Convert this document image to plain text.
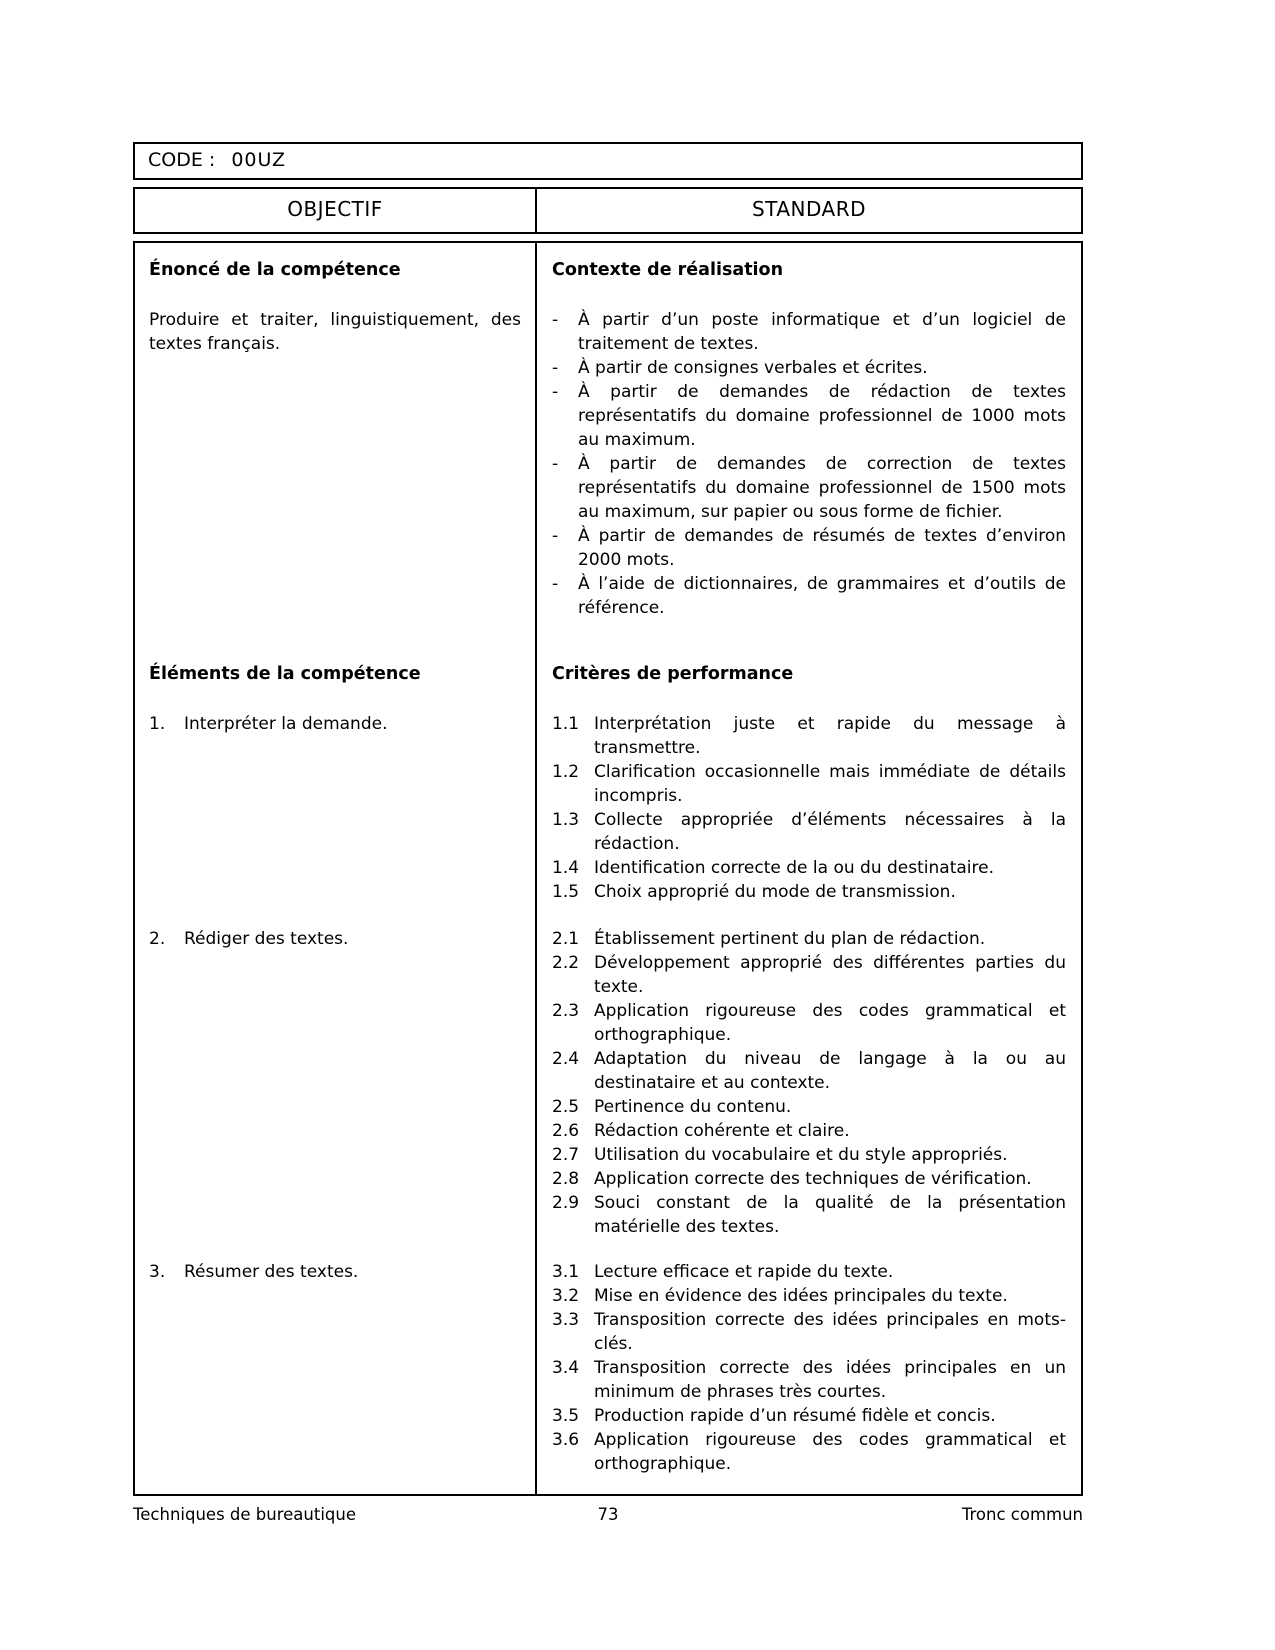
CODE : 00UZ
OBJECTIF	STANDARD
Énoncé de la compétence	Contexte de réalisation

Produire et traiter, linguistiquement, des textes français.

-	À partir d’un poste informatique et d’un logiciel de traitement de textes.
-	À partir de consignes verbales et écrites.
-	À partir de demandes de rédaction de textes représentatifs du domaine professionnel de 1000 mots au maximum.
-	À partir de demandes de correction de textes représentatifs du domaine professionnel de 1500 mots au maximum, sur papier ou sous forme de fichier.
-	À partir de demandes de résumés de textes d’environ 2000 mots.
-	À l’aide de dictionnaires, de grammaires et d’outils de référence.
Éléments de la compétence	Critères de performance
1.	Interpréter la demande.	1.1 Interprétation juste et rapide du message à transmettre.
1.2 Clarification occasionnelle mais immédiate de détails incompris.
1.3 Collecte appropriée d’éléments nécessaires à la rédaction.
1.4 Identification correcte de la ou du destinataire.
1.5 Choix approprié du mode de transmission.
2.	Rédiger des textes.	2.1 Établissement pertinent du plan de rédaction.
2.2 Développement approprié des différentes parties du texte.
2.3 Application rigoureuse des codes grammatical et orthographique.
2.4 Adaptation du niveau de langage à la ou au destinataire et au contexte.
2.5 Pertinence du contenu.
2.6 Rédaction cohérente et claire.
2.7 Utilisation du vocabulaire et du style appropriés.
2.8 Application correcte des techniques de vérification.
2.9 Souci constant de la qualité de la présentation matérielle des textes.
3.	Résumer des textes.	3.1 Lecture efficace et rapide du texte.
3.2 Mise en évidence des idées principales du texte.
3.3 Transposition correcte des idées principales en mots-clés.
3.4 Transposition correcte des idées principales en un minimum de phrases très courtes.
3.5 Production rapide d’un résumé fidèle et concis.
3.6 Application rigoureuse des codes grammatical et orthographique.
Techniques de bureautique	73	Tronc commun
